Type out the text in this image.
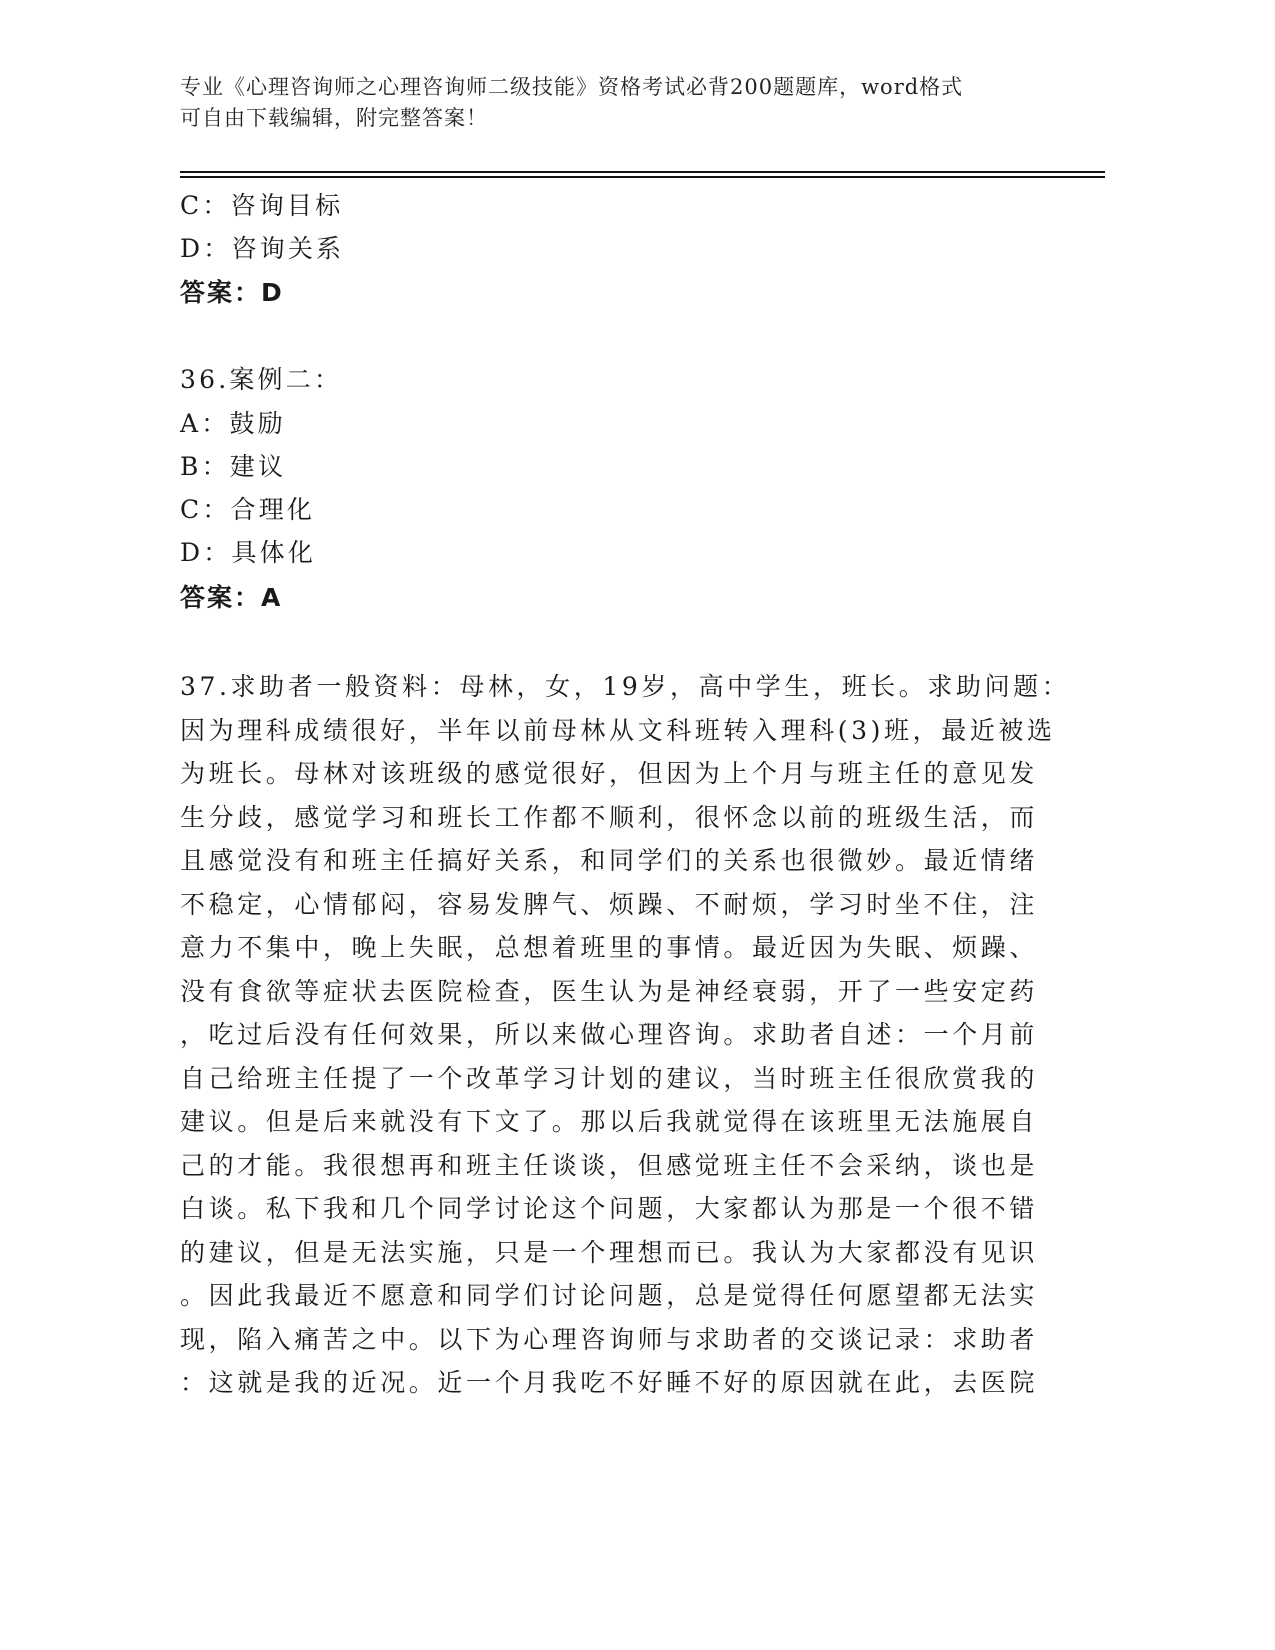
专业《心理咨询师之心理咨询师二级技能》资格考试必背200题题库，word格式
可自由下载编辑，附完整答案！
C：咨询目标
D：咨询关系
答案：D
36.案例二：
A：鼓励
B：建议
C：合理化
D：具体化
答案：A
37.求助者一般资料：母林，女，19岁，高中学生，班长。求助问题：
因为理科成绩很好，半年以前母林从文科班转入理科(3)班，最近被选
为班长。母林对该班级的感觉很好，但因为上个月与班主任的意见发
生分歧，感觉学习和班长工作都不顺利，很怀念以前的班级生活，而
且感觉没有和班主任搞好关系，和同学们的关系也很微妙。最近情绪
不稳定，心情郁闷，容易发脾气、烦躁、不耐烦，学习时坐不住，注
意力不集中，晚上失眠，总想着班里的事情。最近因为失眠、烦躁、
没有食欲等症状去医院检查，医生认为是神经衰弱，开了一些安定药
，吃过后没有任何效果，所以来做心理咨询。求助者自述：一个月前
自己给班主任提了一个改革学习计划的建议，当时班主任很欣赏我的
建议。但是后来就没有下文了。那以后我就觉得在该班里无法施展自
己的才能。我很想再和班主任谈谈，但感觉班主任不会采纳，谈也是
白谈。私下我和几个同学讨论这个问题，大家都认为那是一个很不错
的建议，但是无法实施，只是一个理想而已。我认为大家都没有见识
。因此我最近不愿意和同学们讨论问题，总是觉得任何愿望都无法实
现，陷入痛苦之中。以下为心理咨询师与求助者的交谈记录：求助者
：这就是我的近况。近一个月我吃不好睡不好的原因就在此，去医院
